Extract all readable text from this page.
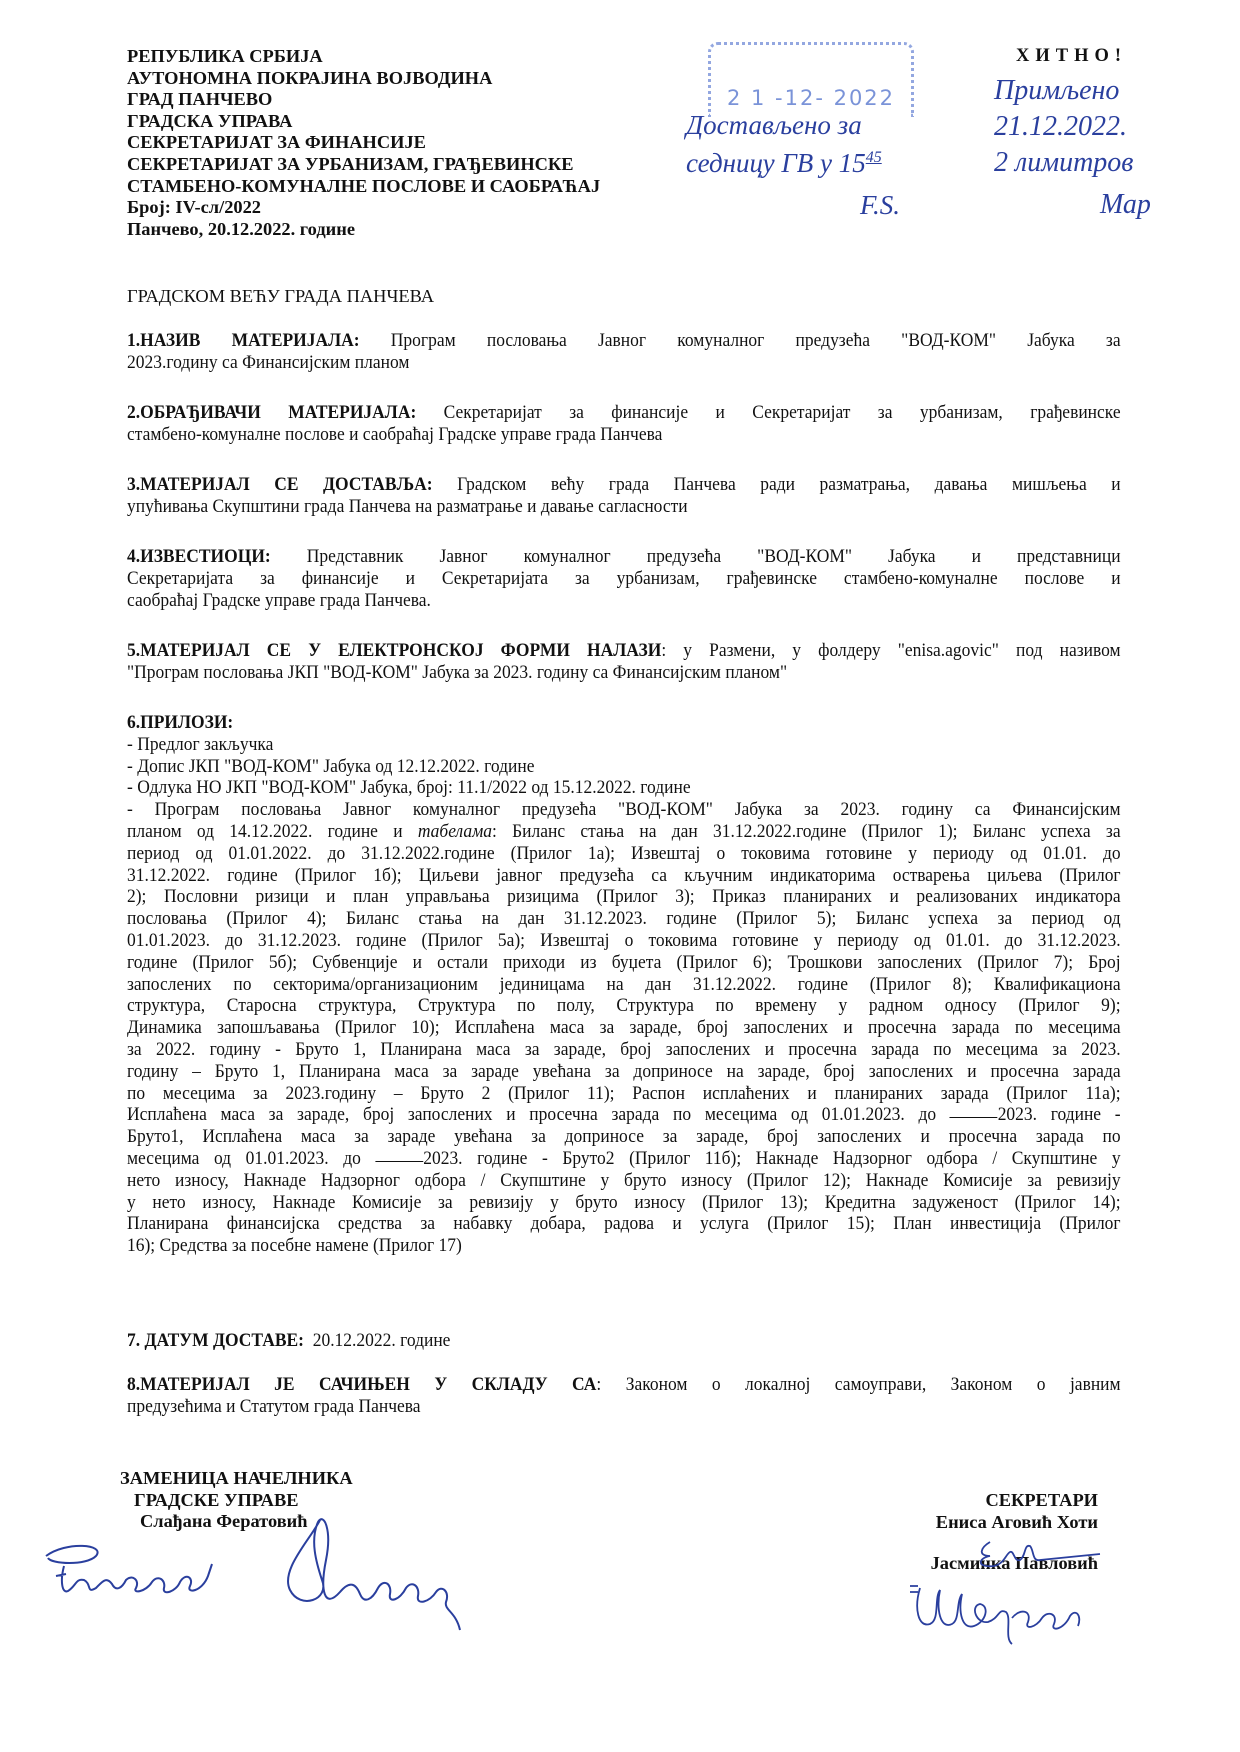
РЕПУБЛИКА СРБИЈА
АУТОНОМНА ПОКРАЈИНА ВОЈВОДИНА
ГРАД ПАНЧЕВО
ГРАДСКА УПРАВА
СЕКРЕТАРИЈАТ ЗА ФИНАНСИЈЕ
СЕКРЕТАРИЈАТ ЗА УРБАНИЗАМ, ГРАЂЕВИНСКЕ
СТАМБЕНО-КОМУНАЛНЕ ПОСЛОВЕ И САОБРАЋАЈ
Број: IV-сл/2022
Панчево, 20.12.2022. године
2 1 -12- 2022
Достављено за
седницу ГВ у $15^{45}$
F.S.
ХИТНО!
Примљено
21.12.2022.
2 лимитров
Мар
ГРАДСКОМ ВЕЋУ ГРАДА ПАНЧЕВА
1.НАЗИВ МАТЕРИЈАЛА: Програм пословања Јавног комуналног предузећа "ВОД-КОМ" Јабука за
2023.годину са Финансијским планом
2.ОБРАЂИВАЧИ МАТЕРИЈАЛА: Секретаријат за финансије и Секретаријат за урбанизам, грађевинске
стамбено-комуналне послове и саобраћај Градске управе града Панчева
3.МАТЕРИЈАЛ СЕ ДОСТАВЉА: Градском већу града Панчева ради разматрања, давања мишљења и
упућивања Скупштини града Панчева на разматрање и давање сагласности
4.ИЗВЕСТИОЦИ: Представник Јавног комуналног предузећа "ВОД-КОМ" Јабука и представници
Секретаријата за финансије и Секретаријата за урбанизам, грађевинске стамбено-комуналне послове и
саобраћај Градске управе града Панчева.
5.МАТЕРИЈАЛ СЕ У ЕЛЕКТРОНСКОЈ ФОРМИ НАЛАЗИ: у Размени, у фолдеру "enisa.agovic" под називом
"Програм пословања ЈКП "ВОД-КОМ" Јабука за 2023. годину са Финансијским планом"
6.ПРИЛОЗИ:
- Предлог закључка
- Допис ЈКП "ВОД-КОМ" Јабука од 12.12.2022. године
- Одлука НО ЈКП "ВОД-КОМ" Јабука, број: 11.1/2022 од 15.12.2022. године
- Програм пословања Јавног комуналног предузећа "ВОД-КОМ" Јабука за 2023. годину са Финансијским
планом од 14.12.2022. године и табелама: Биланс стања на дан 31.12.2022.године (Прилог 1); Биланс успеха за
период од 01.01.2022. до 31.12.2022.године (Прилог 1а); Извештај о токовима готовине у периоду од 01.01. до
31.12.2022. године (Прилог 1б); Циљеви јавног предузећа са кључним индикаторима остварења циљева (Прилог
2); Пословни ризици и план управљања ризицима (Прилог 3); Приказ планираних и реализованих индикатора
пословања (Прилог 4); Биланс стања на дан 31.12.2023. године (Прилог 5); Биланс успеха за период од
01.01.2023. до 31.12.2023. године (Прилог 5а); Извештај о токовима готовине у периоду од 01.01. до 31.12.2023.
године (Прилог 5б); Субвенције и остали приходи из буџета (Прилог 6); Трошкови запослених (Прилог 7); Број
запослених по секторима/организационим јединицама на дан 31.12.2022. године (Прилог 8); Квалификациона
структура, Старосна структура, Структура по полу, Структура по времену у радном односу (Прилог 9);
Динамика запошљавања (Прилог 10); Исплаћена маса за зараде, број запослених и просечна зарада по месецима
за 2022. годину - Бруто 1, Планирана маса за зараде, број запослених и просечна зарада по месецима за 2023.
годину – Бруто 1, Планирана маса за зараде увећана за доприносе на зараде, број запослених и просечна зарада
по месецима за 2023.годину – Бруто 2 (Прилог 11); Распон исплаћених и планираних зарада (Прилог 11а);
Исплаћена маса за зараде, број запослених и просечна зарада по месецима од 01.01.2023. до	2023. године -
Бруто1, Исплаћена маса за зараде увећана за доприносе за зараде, број запослених и просечна зарада по
месецима од 01.01.2023. до	2023. године - Бруто2 (Прилог 11б); Накнаде Надзорног одбора / Скупштине у
нето износу, Накнаде Надзорног одбора / Скупштине у бруто износу (Прилог 12); Накнаде Комисије за ревизију
у нето износу, Накнаде Комисије за ревизију у бруто износу (Прилог 13); Кредитна задуженост (Прилог 14);
Планирана финансијска средства за набавку добара, радова и услуга (Прилог 15); План инвестиција (Прилог
16); Средства за посебне намене (Прилог 17)
7. ДАТУМ ДОСТАВЕ: 20.12.2022. године
8.МАТЕРИЈАЛ ЈЕ САЧИЊЕН У СКЛАДУ СА: Законом о локалној самоуправи, Законом о јавним
предузећима и Статутом града Панчева
ЗАМЕНИЦА НАЧЕЛНИКА
ГРАДСКЕ УПРАВЕ
Слађана Фератовић
СЕКРЕТАРИ
Ениса Аговић Хоти
Јасминка Павловић
